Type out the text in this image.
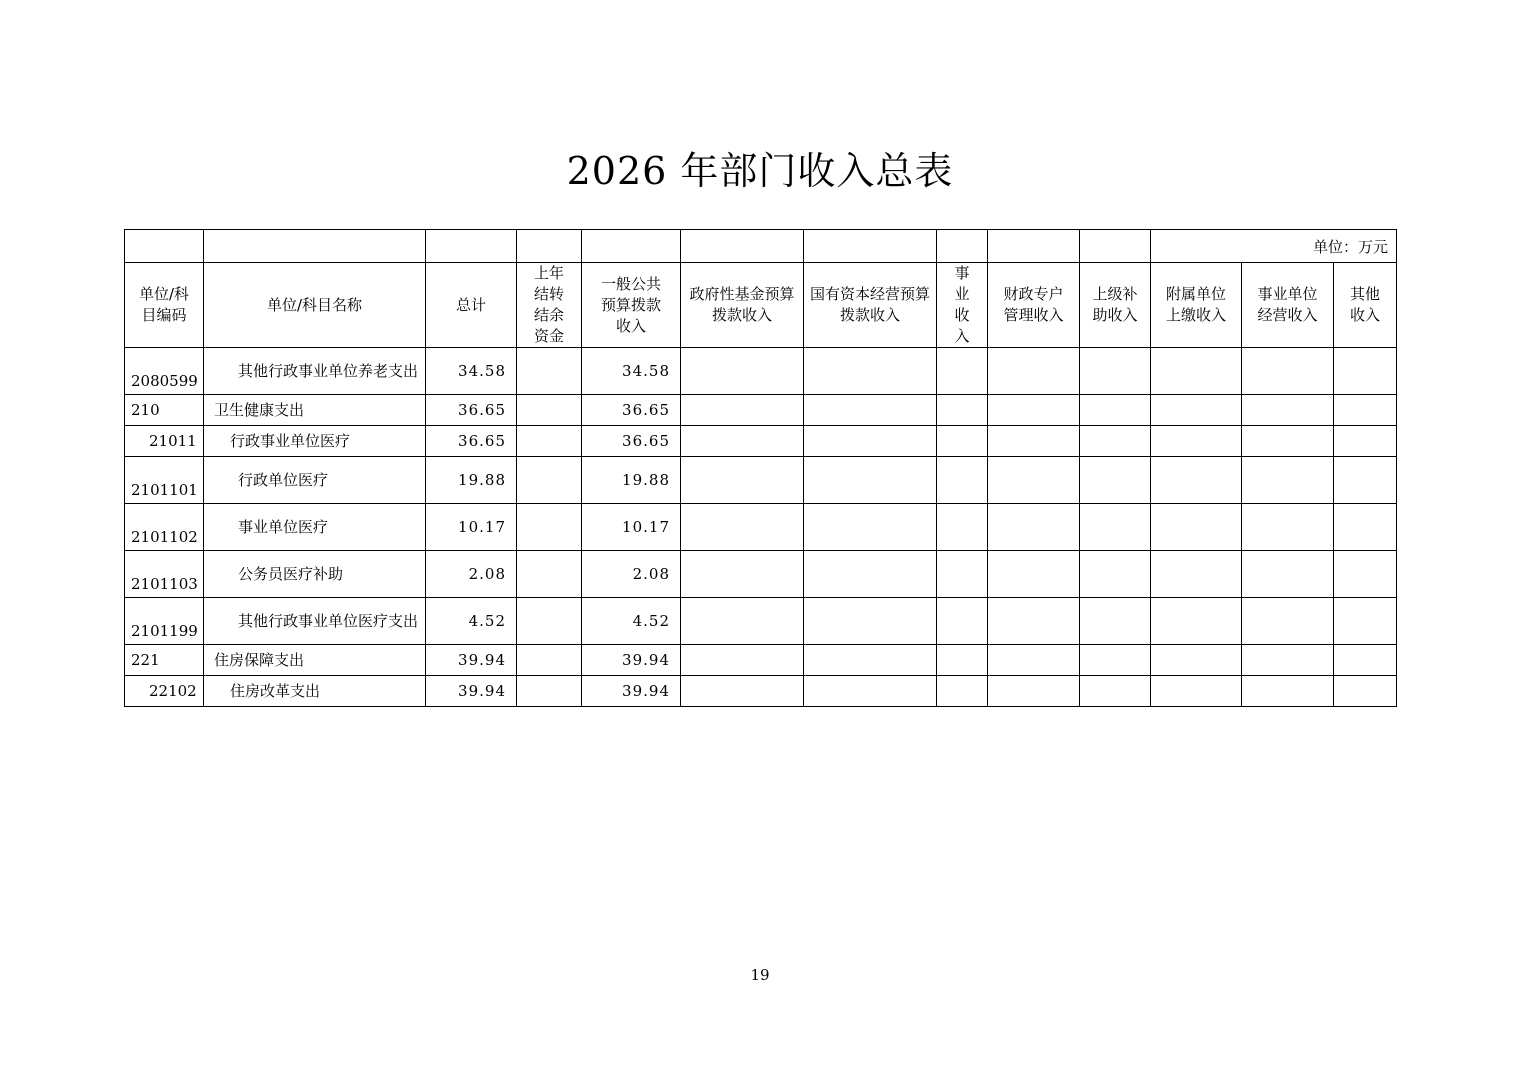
2026 年部门收入总表
										单位：万元		
单位/科目编码	单位/科目名称	总计	上年结转结余资金	一般公共预算拨款收入	政府性基金预算拨款收入	国有资本经营预算拨款收入	事业收入	财政专户管理收入	上级补助收入	附属单位上缴收入	事业单位经营收入	其他收入
2080599	其他行政事业单位养老支出	34.58		34.58								
210	卫生健康支出	36.65		36.65								
21011	行政事业单位医疗	36.65		36.65								
2101101	行政单位医疗	19.88		19.88								
2101102	事业单位医疗	10.17		10.17								
2101103	公务员医疗补助	2.08		2.08								
2101199	其他行政事业单位医疗支出	4.52		4.52								
221	住房保障支出	39.94		39.94								
22102	住房改革支出	39.94		39.94								
19
